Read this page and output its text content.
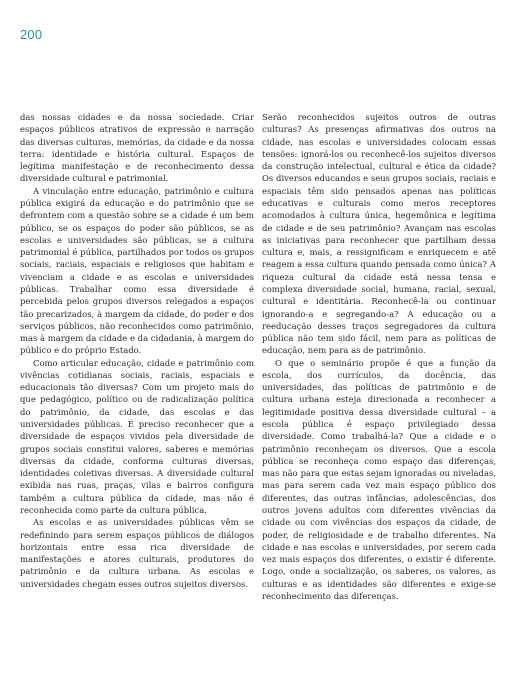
200

das nossas cidades e da nossa sociedade. Criar espaços públicos atrativos de expressão e narração das diversas culturas, memórias, da cidade e da nossa terra: identidade e história cultural. Espaços de legítima manifestação e de reconhecimento dessa diversidade cultural e patrimonial.

A vinculação entre educação, patrimônio e cultura pública exigirá da educação e do patrimônio que se defrontem com a questão sobre se a cidade é um bem público, se os espaços do poder são públicos, se as escolas e universidades são públicas, se a cultura patrimonial é pública, partilhados por todos os grupos sociais, raciais, espaciais e religiosos que habitam e vivenciam a cidade e as escolas e universidades públicas. Trabalhar como essa diversidade é percebida pelos grupos diversos relegados a espaços tão precarizados, à margem da cidade, do poder e dos serviços públicos, não reconhecidos como patrimônio, mas à margem da cidade e da cidadania, à margem do público e do próprio Estado.

Como articular educação, cidade e patrimônio com vivências cotidianas sociais, raciais, espaciais e educacionais tão diversas? Com um projeto mais do que pedagógico, político ou de radicalização política do patrimônio, da cidade, das escolas e das universidades públicas. É preciso reconhecer que a diversidade de espaços vividos pela diversidade de grupos sociais constitui valores, saberes e memórias diversas da cidade, conforma culturas diversas, identidades coletivas diversas. A diversidade cultural exibida nas ruas, praças, vilas e bairros configura também a cultura pública da cidade, mas não é reconhecida como parte da cultura pública.

As escolas e as universidades públicas vêm se redefinindo para serem espaços públicos de diálogos horizontais entre essa rica diversidade de manifestações e atores culturais, produtores do patrimônio e da cultura urbana. As escolas e universidades chegam esses outros sujeitos diversos.

Serão reconhecidos sujeitos outros de outras culturas? As presenças afirmativas dos outros na cidade, nas escolas e universidades colocam essas tensões: ignorá-los ou reconhecê-los sujeitos diversos da construção intelectual, cultural e ética da cidade? Os diversos educandos e seus grupos sociais, raciais e espaciais têm sido pensados apenas nas políticas educativas e culturais como meros receptores acomodados à cultura única, hegemônica e legítima de cidade e de seu patrimônio? Avançam nas escolas as iniciativas para reconhecer que partilham dessa cultura e, mais, a ressignificam e enriquecem e até reagem a essa cultura quando pensada como única? A riqueza cultural da cidade está nessa tensa e complexa diversidade social, humana, racial, sexual, cultural e identitária. Reconhecê-la ou continuar ignorando-a e segregando-a? A educação ou a reeducação desses traços segregadores da cultura pública não tem sido fácil, nem para as políticas de educação, nem para as de patrimônio.

O que o seminário propõe é que a função da escola, dos currículos, da docência, das universidades, das políticas de patrimônio e de cultura urbana esteja direcionada a reconhecer a legitimidade positiva dessa diversidade cultural – a escola pública é espaço privilegiado dessa diversidade. Como trabalhá-la? Que a cidade e o patrimônio reconheçam os diversos. Que a escola pública se reconheça como espaço das diferenças, mas não para que estas sejam ignoradas ou niveladas, mas para serem cada vez mais espaço público dos diferentes, das outras infâncias, adolescências, dos outros jovens adultos com diferentes vivências da cidade ou com vivências dos espaços da cidade, de poder, de religiosidade e de trabalho diferentes. Na cidade e nas escolas e universidades, por serem cada vez mais espaços dos diferentes, o existir é diferente. Logo, onde a socialização, os saberes, os valores, as culturas e as identidades são diferentes e exige-se reconhecimento das diferenças.
